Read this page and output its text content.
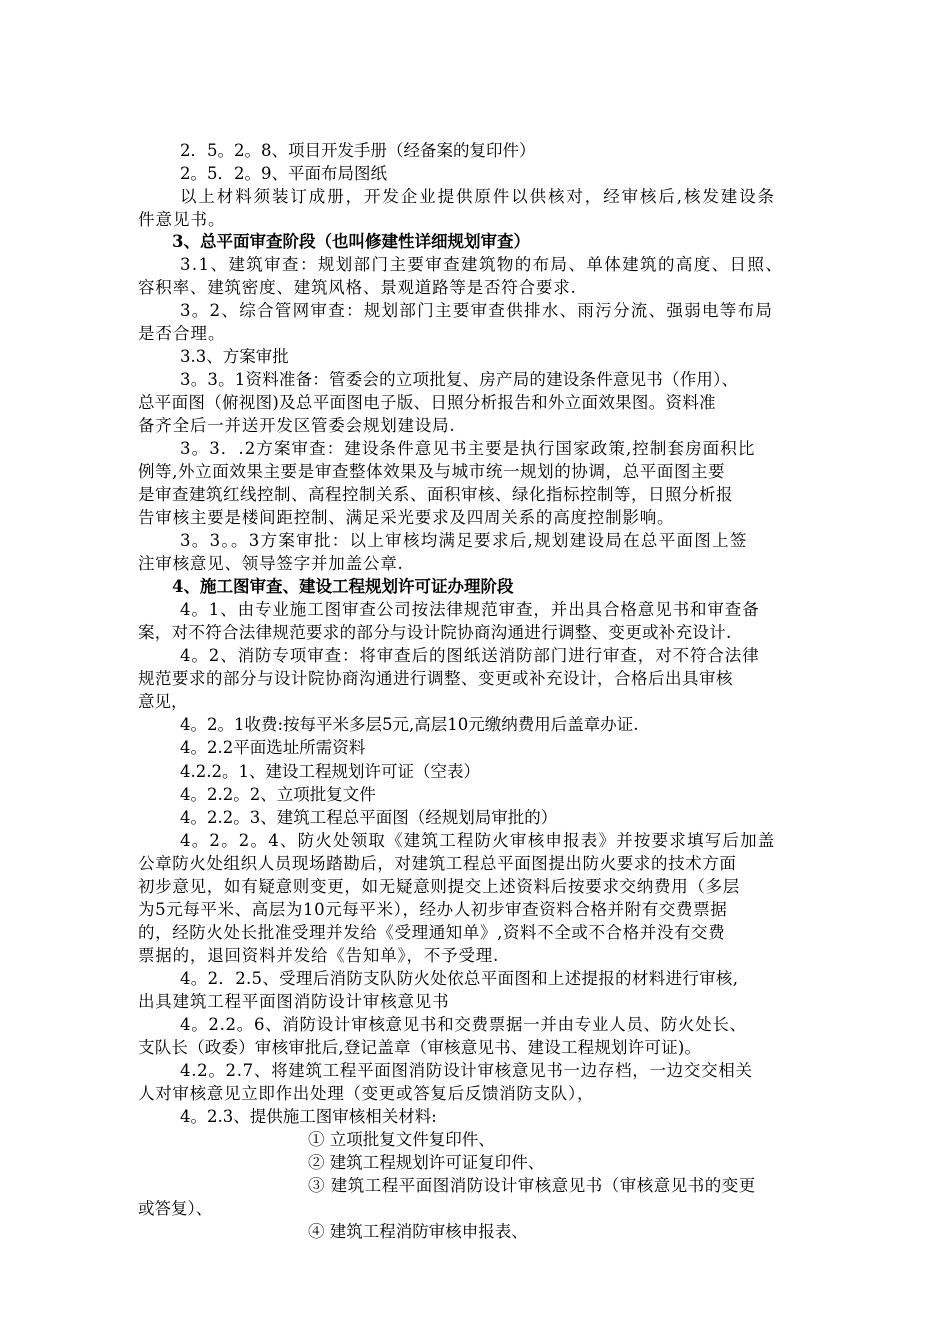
2．5。2。8、项目开发手册（经备案的复印件）
2。5．2。9、平面布局图纸
以上材料须装订成册，开发企业提供原件以供核对，经审核后,核发建设条
件意见书。
3、总平面审查阶段（也叫修建性详细规划审查）
3.1、建筑审查：规划部门主要审查建筑物的布局、单体建筑的高度、日照、
容积率、建筑密度、建筑风格、景观道路等是否符合要求.
3。2、综合管网审查：规划部门主要审查供排水、雨污分流、强弱电等布局
是否合理。
3.3、方案审批
3。3。1资料准备：管委会的立项批复、房产局的建设条件意见书（作用）、
总平面图（俯视图)及总平面图电子版、日照分析报告和外立面效果图。资料准
备齐全后一并送开发区管委会规划建设局.
3。3．.2方案审查：建设条件意见书主要是执行国家政策,控制套房面积比
例等,外立面效果主要是审查整体效果及与城市统一规划的协调，总平面图主要
是审查建筑红线控制、高程控制关系、面积审核、绿化指标控制等，日照分析报
告审核主要是楼间距控制、满足采光要求及四周关系的高度控制影响。
3。3。。3方案审批：以上审核均满足要求后,规划建设局在总平面图上签
注审核意见、领导签字并加盖公章.
4、施工图审查、建设工程规划许可证办理阶段
4。1、由专业施工图审查公司按法律规范审查，并出具合格意见书和审查备
案，对不符合法律规范要求的部分与设计院协商沟通进行调整、变更或补充设计.
4。2、消防专项审查：将审查后的图纸送消防部门进行审查，对不符合法律
规范要求的部分与设计院协商沟通进行调整、变更或补充设计，合格后出具审核
意见，
4。2。1收费:按每平米多层5元,高层10元缴纳费用后盖章办证.
4。2.2平面选址所需资料
4.2.2。1、建设工程规划许可证（空表）
4。2.2。2、立项批复文件
4。2.2。3、建筑工程总平面图（经规划局审批的）
4。2。2。4、防火处领取《建筑工程防火审核申报表》并按要求填写后加盖
公章防火处组织人员现场踏勘后，对建筑工程总平面图提出防火要求的技术方面
初步意见，如有疑意则变更，如无疑意则提交上述资料后按要求交纳费用（多层
为5元每平米、高层为10元每平米），经办人初步审查资料合格并附有交费票据
的，经防火处长批准受理并发给《受理通知单》,资料不全或不合格并没有交费
票据的，退回资料并发给《告知单》，不予受理.
4。2．2.5、受理后消防支队防火处依总平面图和上述提报的材料进行审核,
出具建筑工程平面图消防设计审核意见书
4。2.2。6、消防设计审核意见书和交费票据一并由专业人员、防火处长、
支队长（政委）审核审批后,登记盖章（审核意见书、建设工程规划许可证)。
4.2。2.7、将建筑工程平面图消防设计审核意见书一边存档，一边交交相关
人对审核意见立即作出处理（变更或答复后反馈消防支队），
4。2.3、提供施工图审核相关材料:
① 立项批复文件复印件、
② 建筑工程规划许可证复印件、
③ 建筑工程平面图消防设计审核意见书（审核意见书的变更
或答复）、
④ 建筑工程消防审核申报表、
